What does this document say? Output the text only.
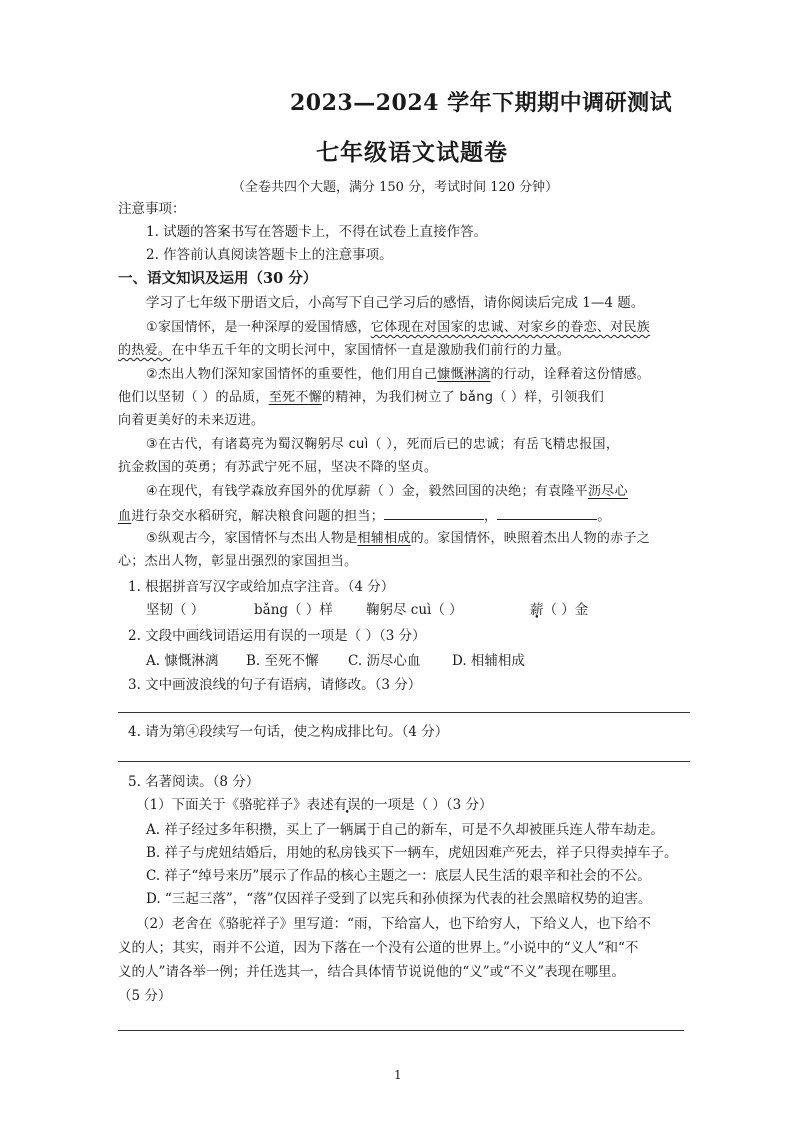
2023—2024 学年下期期中调研测试
七年级语文试题卷
（全卷共四个大题，满分 150 分，考试时间 120 分钟）
注意事项：
1. 试题的答案书写在答题卡上，不得在试卷上直接作答。
2. 作答前认真阅读答题卡上的注意事项。
一、语文知识及运用（30 分）
学习了七年级下册语文后，小高写下自己学习后的感悟，请你阅读后完成 1—4 题。
①家国情怀，是一种深厚的爱国情感，它体现在对国家的忠诚、对家乡的眷恋、对民族
的热爱。在中华五千年的文明长河中，家国情怀一直是激励我们前行的力量。
②杰出人物们深知家国情怀的重要性，他们用自己慷慨淋漓的行动，诠释着这份情感。
他们以坚韧（ ）的品质，至死不懈的精神，为我们树立了 bǎng（ ）样，引领我们
向着更美好的未来迈进。
③在古代，有诸葛亮为蜀汉鞠躬尽 cuì（ ），死而后已的忠诚；有岳飞精忠报国，
抗金救国的英勇；有苏武宁死不屈，坚决不降的坚贞。
④在现代，有钱学森放弃国外的优厚薪（ ）金，毅然回国的决绝；有袁隆平沥尽心
血进行杂交水稻研究，解决粮食问题的担当；	，	。
⑤纵观古今，家国情怀与杰出人物是相辅相成的。家国情怀，映照着杰出人物的赤子之
心；杰出人物，彰显出强烈的家国担当。
1. 根据拼音写汉字或给加点字注音。（4 分）
坚韧（ ）	bǎng（ ）样 鞠躬尽 cuì（ ）	薪（ ）金
2. 文段中画线词语运用有误的一项是（ ）（3 分）
A. 慷慨淋漓 B. 至死不懈 C. 沥尽心血 D. 相辅相成
3. 文中画波浪线的句子有语病，请修改。（3 分）
4. 请为第④段续写一句话，使之构成排比句。（4 分）
5. 名著阅读。（8 分）
（1）下面关于《骆驼祥子》表述有误的一项是（ ）（3 分）
A. 祥子经过多年积攒，买上了一辆属于自己的新车，可是不久却被匪兵连人带车劫走。
B. 祥子与虎妞结婚后，用她的私房钱买下一辆车，虎妞因难产死去，祥子只得卖掉车子。
C. 祥子“绰号来历”展示了作品的核心主题之一：底层人民生活的艰辛和社会的不公。
D. “三起三落”，“落”仅因祥子受到了以宪兵和孙侦探为代表的社会黑暗权势的迫害。
（2）老舍在《骆驼祥子》里写道：“雨，下给富人，也下给穷人，下给义人，也下给不
义的人；其实，雨并不公道，因为下落在一个没有公道的世界上。”小说中的“义人”和“不
义的人”请各举一例；并任选其一，结合具体情节说说他的“义”或“不义”表现在哪里。
（5 分）
1
